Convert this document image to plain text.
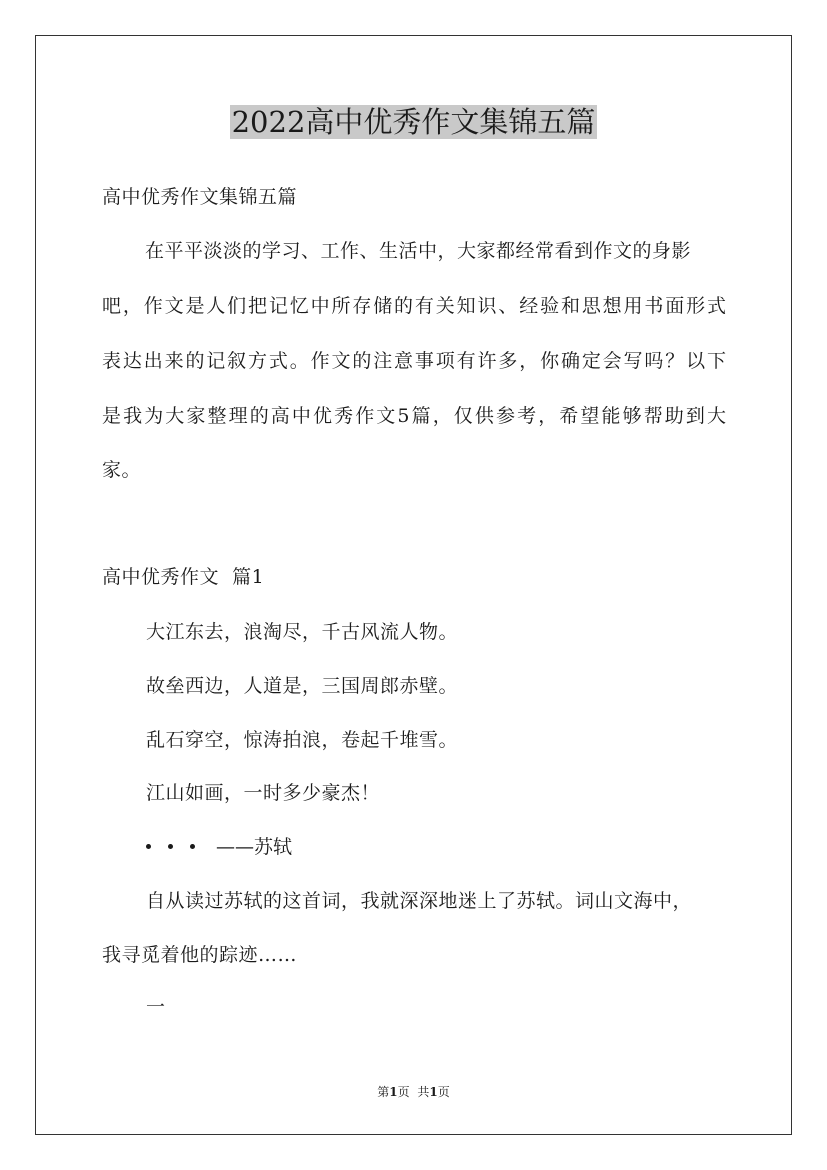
2022高中优秀作文集锦五篇
高中优秀作文集锦五篇
在平平淡淡的学习、工作、生活中，大家都经常看到作文的身影
吧，作文是人们把记忆中所存储的有关知识、经验和思想用书面形式
表达出来的记叙方式。作文的注意事项有许多，你确定会写吗？以下
是我为大家整理的高中优秀作文5篇，仅供参考，希望能够帮助到大
家。
高中优秀作文  篇1
大江东去，浪淘尽，千古风流人物。
故垒西边，人道是，三国周郎赤壁。
乱石穿空，惊涛拍浪，卷起千堆雪。
江山如画，一时多少豪杰！
——苏轼
自从读过苏轼的这首词，我就深深地迷上了苏轼。词山文海中，
我寻觅着他的踪迹……
一
第1页 共1页
